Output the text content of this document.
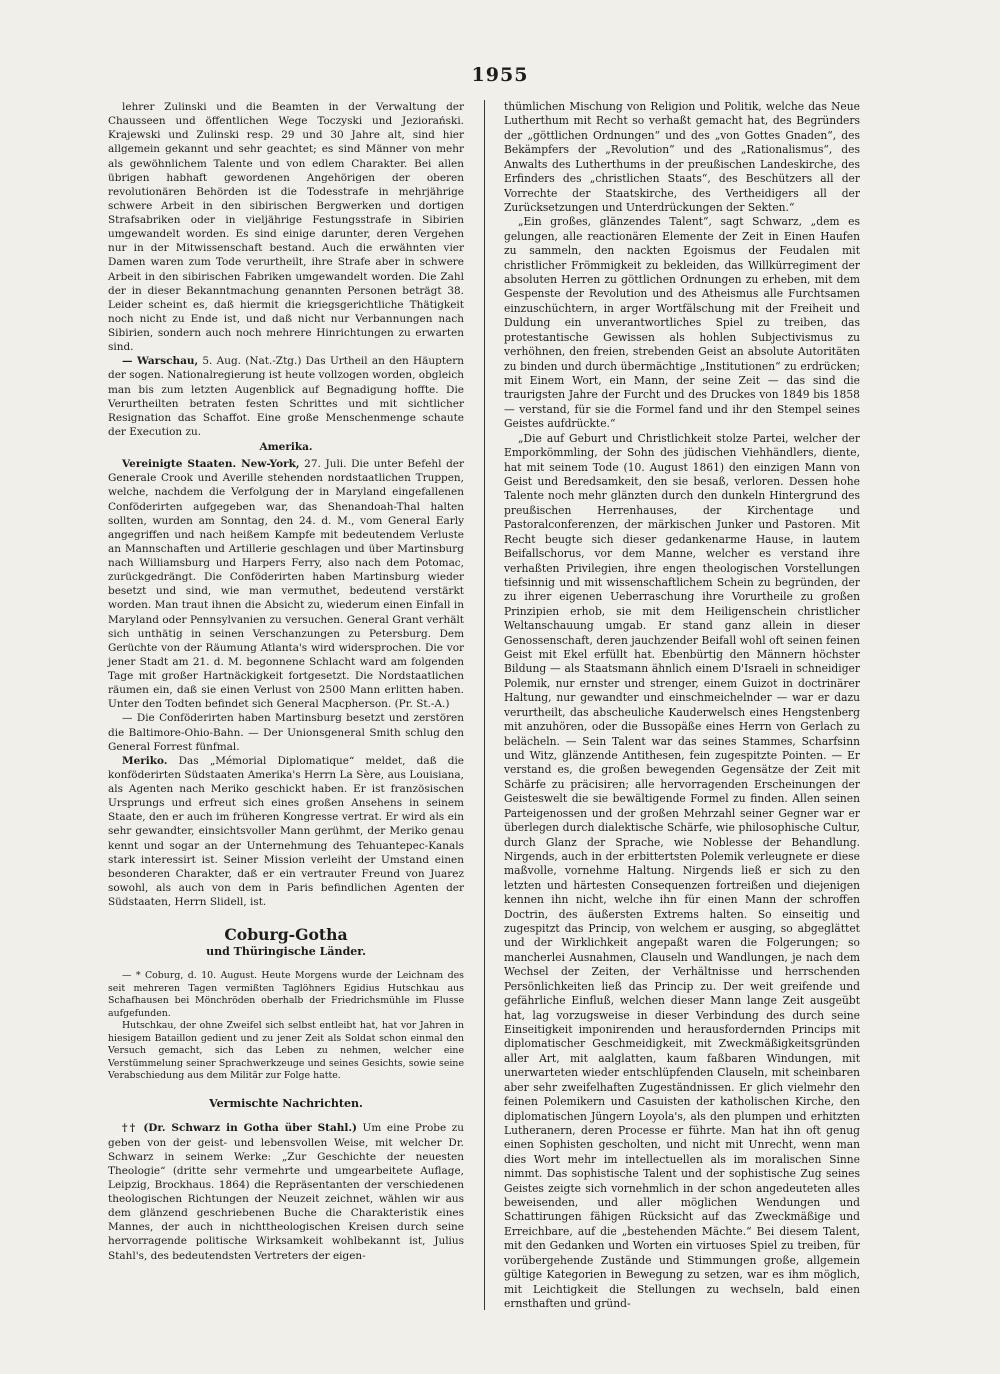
1955

lehrer Zulinski und die Beamten in der Verwaltung der Chausseen und öffentlichen Wege Toczyski und Jeziorański. Krajewski und Zulinski resp. 29 und 30 Jahre alt, sind hier allgemein gekannt und sehr geachtet; es sind Männer von mehr als gewöhnlichem Talente und von edlem Charakter. Bei allen übrigen habhaft gewordenen Angehörigen der oberen revolutionären Behörden ist die Todesstrafe in mehrjährige schwere Arbeit in den sibirischen Bergwerken und dortigen Strafsabriken oder in vieljährige Festungsstrafe in Sibirien umgewandelt worden. Es sind einige darunter, deren Vergehen nur in der Mitwissenschaft bestand. Auch die erwähnten vier Damen waren zum Tode verurtheilt, ihre Strafe aber in schwere Arbeit in den sibirischen Fabriken umgewandelt worden. Die Zahl der in dieser Bekanntmachung genannten Personen beträgt 38. Leider scheint es, daß hiermit die kriegsgerichtliche Thätigkeit noch nicht zu Ende ist, und daß nicht nur Verbannungen nach Sibirien, sondern auch noch mehrere Hinrichtungen zu erwarten sind.

— Warschau, 5. Aug. (Nat.-Ztg.) Das Urtheil an den Häuptern der sogen. Nationalregierung ist heute vollzogen worden, obgleich man bis zum letzten Augenblick auf Begnadigung hoffte. Die Verurtheilten betraten festen Schrittes und mit sichtlicher Resignation das Schaffot. Eine große Menschenmenge schaute der Execution zu.

Amerika.

Vereinigte Staaten. New-York, 27. Juli. Die unter Befehl der Generale Crook und Averille stehenden nordstaatlichen Truppen, welche, nachdem die Verfolgung der in Maryland eingefallenen Conföderirten aufgegeben war, das Shenandoah-Thal halten sollten, wurden am Sonntag, den 24. d. M., vom General Early angegriffen und nach heißem Kampfe mit bedeutendem Verluste an Mannschaften und Artillerie geschlagen und über Martinsburg nach Williamsburg und Harpers Ferry, also nach dem Potomac, zurückgedrängt. Die Conföderirten haben Martinsburg wieder besetzt und sind, wie man vermuthet, bedeutend verstärkt worden. Man traut ihnen die Absicht zu, wiederum einen Einfall in Maryland oder Pennsylvanien zu versuchen. General Grant verhält sich unthätig in seinen Verschanzungen zu Petersburg. Dem Gerüchte von der Räumung Atlanta's wird widersprochen. Die vor jener Stadt am 21. d. M. begonnene Schlacht ward am folgenden Tage mit großer Hartnäckigkeit fortgesetzt. Die Nordstaatlichen räumen ein, daß sie einen Verlust von 2500 Mann erlitten haben. Unter den Todten befindet sich General Macpherson. (Pr. St.-A.)

— Die Conföderirten haben Martinsburg besetzt und zerstören die Baltimore-Ohio-Bahn. — Der Unionsgeneral Smith schlug den General Forrest fünfmal.

Meriko. Das „Mémorial Diplomatique“ meldet, daß die konföderirten Südstaaten Amerika's Herrn La Sère, aus Louisiana, als Agenten nach Meriko geschickt haben. Er ist französischen Ursprungs und erfreut sich eines großen Ansehens in seinem Staate, den er auch im früheren Kongresse vertrat. Er wird als ein sehr gewandter, einsichtsvoller Mann gerühmt, der Meriko genau kennt und sogar an der Unternehmung des Tehuantepec-Kanals stark interessirt ist. Seiner Mission verleiht der Umstand einen besonderen Charakter, daß er ein vertrauter Freund von Juarez sowohl, als auch von dem in Paris befindlichen Agenten der Südstaaten, Herrn Slidell, ist.

Coburg-Gotha
und Thüringische Länder.

— * Coburg, d. 10. August. Heute Morgens wurde der Leichnam des seit mehreren Tagen vermißten Taglöhners Egidius Hutschkau aus Schafhausen bei Mönchröden oberhalb der Friedrichsmühle im Flusse aufgefunden.

Hutschkau, der ohne Zweifel sich selbst entleibt hat, hat vor Jahren in hiesigem Bataillon gedient und zu jener Zeit als Soldat schon einmal den Versuch gemacht, sich das Leben zu nehmen, welcher eine Verstümmelung seiner Sprachwerkzeuge und seines Gesichts, sowie seine Verabschiedung aus dem Militär zur Folge hatte.

Vermischte Nachrichten.

†† (Dr. Schwarz in Gotha über Stahl.) Um eine Probe zu geben von der geist- und lebensvollen Weise, mit welcher Dr. Schwarz in seinem Werke: „Zur Geschichte der neuesten Theologie“ (dritte sehr vermehrte und umgearbeitete Auflage, Leipzig, Brockhaus. 1864) die Repräsentanten der verschiedenen theologischen Richtungen der Neuzeit zeichnet, wählen wir aus dem glänzend geschriebenen Buche die Charakteristik eines Mannes, der auch in nichttheologischen Kreisen durch seine hervorragende politische Wirksamkeit wohlbekannt ist, Julius Stahl's, des bedeutendsten Vertreters der eigen-

thümlichen Mischung von Religion und Politik, welche das Neue Lutherthum mit Recht so verhaßt gemacht hat, des Begründers der „göttlichen Ordnungen“ und des „von Gottes Gnaden“, des Bekämpfers der „Revolution“ und des „Rationalismus“, des Anwalts des Lutherthums in der preußischen Landeskirche, des Erfinders des „christlichen Staats“, des Beschützers all der Vorrechte der Staatskirche, des Vertheidigers all der Zurücksetzungen und Unterdrückungen der Sekten.“

„Ein großes, glänzendes Talent“, sagt Schwarz, „dem es gelungen, alle reactionären Elemente der Zeit in Einen Haufen zu sammeln, den nackten Egoismus der Feudalen mit christlicher Frömmigkeit zu bekleiden, das Willkürregiment der absoluten Herren zu göttlichen Ordnungen zu erheben, mit dem Gespenste der Revolution und des Atheismus alle Furchtsamen einzuschüchtern, in arger Wortfälschung mit der Freiheit und Duldung ein unverantwortliches Spiel zu treiben, das protestantische Gewissen als hohlen Subjectivismus zu verhöhnen, den freien, strebenden Geist an absolute Autoritäten zu binden und durch übermächtige „Institutionen“ zu erdrücken; mit Einem Wort, ein Mann, der seine Zeit — das sind die traurigsten Jahre der Furcht und des Druckes von 1849 bis 1858 — verstand, für sie die Formel fand und ihr den Stempel seines Geistes aufdrückte.“

„Die auf Geburt und Christlichkeit stolze Partei, welcher der Emporkömmling, der Sohn des jüdischen Viehhändlers, diente, hat mit seinem Tode (10. August 1861) den einzigen Mann von Geist und Beredsamkeit, den sie besaß, verloren. Dessen hohe Talente noch mehr glänzten durch den dunkeln Hintergrund des preußischen Herrenhauses, der Kirchentage und Pastoralconferenzen, der märkischen Junker und Pastoren. Mit Recht beugte sich dieser gedankenarme Hause, in lautem Beifallschorus, vor dem Manne, welcher es verstand ihre verhaßten Privilegien, ihre engen theologischen Vorstellungen tiefsinnig und mit wissenschaftlichem Schein zu begründen, der zu ihrer eigenen Ueberraschung ihre Vorurtheile zu großen Prinzipien erhob, sie mit dem Heiligenschein christlicher Weltanschauung umgab. Er stand ganz allein in dieser Genossenschaft, deren jauchzender Beifall wohl oft seinen feinen Geist mit Ekel erfüllt hat. Ebenbürtig den Männern höchster Bildung — als Staatsmann ähnlich einem D'Israeli in schneidiger Polemik, nur ernster und strenger, einem Guizot in doctrinärer Haltung, nur gewandter und einschmeichelnder — war er dazu verurtheilt, das abscheuliche Kauderwelsch eines Hengstenberg mit anzuhören, oder die Bussopäße eines Herrn von Gerlach zu belächeln. — Sein Talent war das seines Stammes, Scharfsinn und Witz, glänzende Antithesen, fein zugespitzte Pointen. — Er verstand es, die großen bewegenden Gegensätze der Zeit mit Schärfe zu präcisiren; alle hervorragenden Erscheinungen der Geisteswelt die sie bewältigende Formel zu finden. Allen seinen Parteigenossen und der großen Mehrzahl seiner Gegner war er überlegen durch dialektische Schärfe, wie philosophische Cultur, durch Glanz der Sprache, wie Noblesse der Behandlung. Nirgends, auch in der erbittertsten Polemik verleugnete er diese maßvolle, vornehme Haltung. Nirgends ließ er sich zu den letzten und härtesten Consequenzen fortreißen und diejenigen kennen ihn nicht, welche ihn für einen Mann der schroffen Doctrin, des äußersten Extrems halten. So einseitig und zugespitzt das Princip, von welchem er ausging, so abgeglättet und der Wirklichkeit angepaßt waren die Folgerungen; so mancherlei Ausnahmen, Clauseln und Wandlungen, je nach dem Wechsel der Zeiten, der Verhältnisse und herrschenden Persönlichkeiten ließ das Princip zu. Der weit greifende und gefährliche Einfluß, welchen dieser Mann lange Zeit ausgeübt hat, lag vorzugsweise in dieser Verbindung des durch seine Einseitigkeit imponirenden und herausfordernden Princips mit diplomatischer Geschmeidigkeit, mit Zweckmäßigkeitsgründen aller Art, mit aalglatten, kaum faßbaren Windungen, mit unerwarteten wieder entschlüpfenden Clauseln, mit scheinbaren aber sehr zweifelhaften Zugeständnissen. Er glich vielmehr den feinen Polemikern und Casuisten der katholischen Kirche, den diplomatischen Jüngern Loyola's, als den plumpen und erhitzten Lutheranern, deren Processe er führte. Man hat ihn oft genug einen Sophisten gescholten, und nicht mit Unrecht, wenn man dies Wort mehr im intellectuellen als im moralischen Sinne nimmt. Das sophistische Talent und der sophistische Zug seines Geistes zeigte sich vornehmlich in der schon angedeuteten alles beweisenden, und aller möglichen Wendungen und Schattirungen fähigen Rücksicht auf das Zweckmäßige und Erreichbare, auf die „bestehenden Mächte.“ Bei diesem Talent, mit den Gedanken und Worten ein virtuoses Spiel zu treiben, für vorübergehende Zustände und Stimmungen große, allgemein gültige Kategorien in Bewegung zu setzen, war es ihm möglich, mit Leichtigkeit die Stellungen zu wechseln, bald einen ernsthaften und gründ-
